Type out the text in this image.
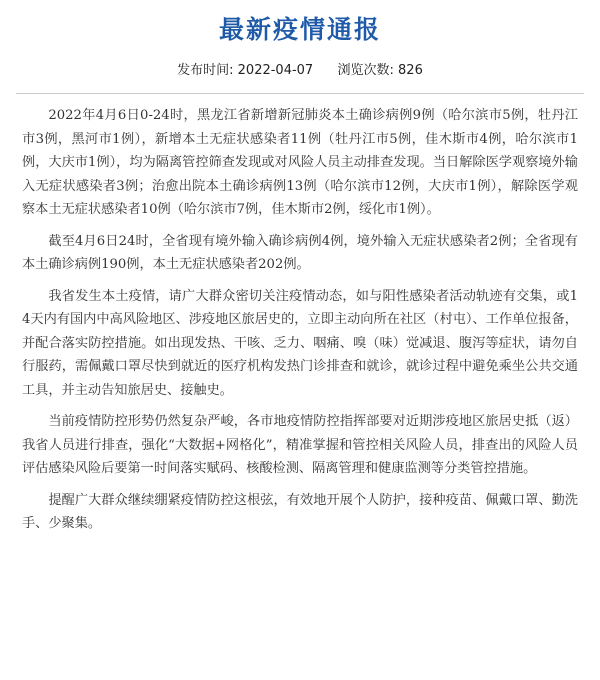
最新疫情通报
发布时间: 2022-04-07 浏览次数: 826

2022年4月6日0-24时，黑龙江省新增新冠肺炎本土确诊病例9例（哈尔滨市5例，牡丹江市3例，黑河市1例），新增本土无症状感染者11例（牡丹江市5例，佳木斯市4例，哈尔滨市1例，大庆市1例），均为隔离管控筛查发现或对风险人员主动排查发现。当日解除医学观察境外输入无症状感染者3例；治愈出院本土确诊病例13例（哈尔滨市12例，大庆市1例），解除医学观察本土无症状感染者10例（哈尔滨市7例，佳木斯市2例，绥化市1例）。

截至4月6日24时，全省现有境外输入确诊病例4例，境外输入无症状感染者2例；全省现有本土确诊病例190例，本土无症状感染者202例。

我省发生本土疫情，请广大群众密切关注疫情动态，如与阳性感染者活动轨迹有交集，或14天内有国内中高风险地区、涉疫地区旅居史的，立即主动向所在社区（村屯）、工作单位报备，并配合落实防控措施。如出现发热、干咳、乏力、咽痛、嗅（味）觉减退、腹泻等症状，请勿自行服药，需佩戴口罩尽快到就近的医疗机构发热门诊排查和就诊，就诊过程中避免乘坐公共交通工具，并主动告知旅居史、接触史。

当前疫情防控形势仍然复杂严峻，各市地疫情防控指挥部要对近期涉疫地区旅居史抵（返）我省人员进行排查，强化“大数据+网格化”，精准掌握和管控相关风险人员，排查出的风险人员评估感染风险后要第一时间落实赋码、核酸检测、隔离管理和健康监测等分类管控措施。

提醒广大群众继续绷紧疫情防控这根弦，有效地开展个人防护，接种疫苗、佩戴口罩、勤洗手、少聚集。
